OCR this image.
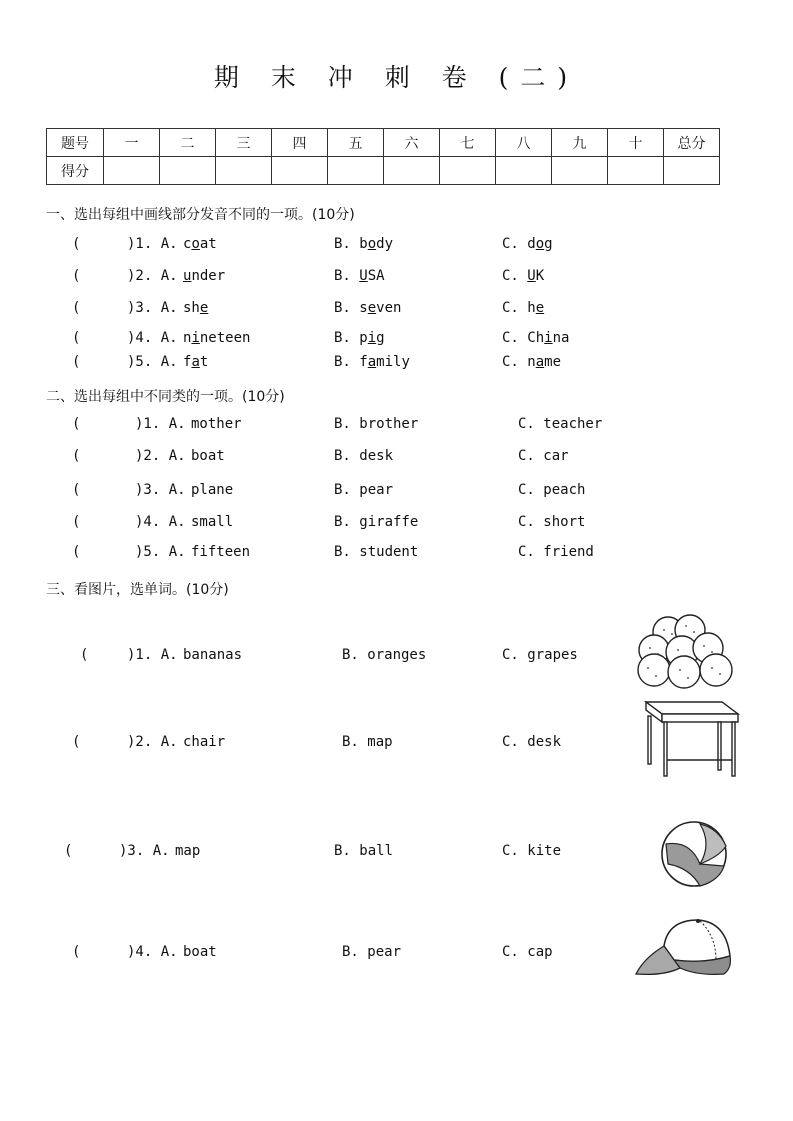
期 末 冲 刺 卷 (二)
题号	一	二	三	四	五	六	七	八	九	十	总分
得分											
一、选出每组中画线部分发音不同的一项。(10分)
(	)1. A. coat	B. body	C. dog
(	)2. A. under	B. USA	C. UK
(	)3. A. she	B. seven	C. he
(	)4. A. nineteen	B. pig	C. China
(	)5. A. fat	B. family	C. name
二、选出每组中不同类的一项。(10分)
(	)1. A. mother	B. brother	C. teacher
(	)2. A. boat	B. desk	C. car
(	)3. A. plane	B. pear	C. peach
(	)4. A. small	B. giraffe	C. short
(	)5. A. fifteen	B. student	C. friend
三、看图片，选单词。(10分)
(	)1. A. bananas	B. oranges	C. grapes
(	)2. A. chair	B. map	C. desk
(	)3. A. map	B. ball	C. kite
(	)4. A. boat	B. pear	C. cap
